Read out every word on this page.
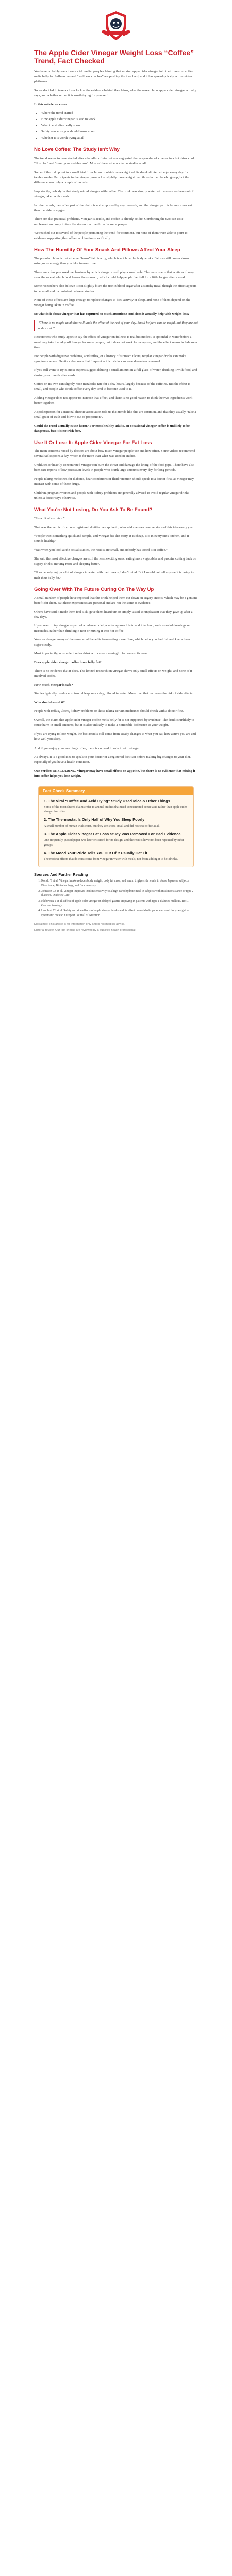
The Apple Cider Vinegar Weight Loss “Coffee” Trend, Fact Checked

You have probably seen it on social media: people claiming that mixing apple cider vinegar into their morning coffee melts belly fat. Influencers and “wellness coaches” are pushing the idea hard, and it has spread quickly across video platforms.

So we decided to take a closer look at the evidence behind the claims, what the research on apple cider vinegar actually says, and whether or not it is worth trying for yourself.

In this article we cover:

• Where the trend started
• How apple cider vinegar is said to work
• What the studies really show
• Safety concerns you should know about
• Whether it is worth trying at all
No Love Coffee: The Study Isn't Why

The trend seems to have started after a handful of viral videos suggested that a spoonful of vinegar in a hot drink could “flush fat” and “reset your metabolism”. Most of these videos cite no studies at all.

Some of them do point to a small trial from Japan in which overweight adults drank diluted vinegar every day for twelve weeks. Participants in the vinegar groups lost slightly more weight than those in the placebo group, but the difference was only a couple of pounds.

Importantly, nobody in that study mixed vinegar with coffee. The drink was simply water with a measured amount of vinegar, taken with meals.

In other words, the coffee part of the claim is not supported by any research, and the vinegar part is far more modest than the videos suggest.

There are also practical problems. Vinegar is acidic, and coffee is already acidic. Combining the two can taste unpleasant and may irritate the stomach or the throat in some people.

We reached out to several of the people promoting the trend for comment, but none of them were able to point to evidence supporting the coffee combination specifically.

How The Humility Of Your Snack And Pillows Affect Your Sleep

The popular claim is that vinegar “burns” fat directly, which is not how the body works. Fat loss still comes down to using more energy than you take in over time.

There are a few proposed mechanisms by which vinegar could play a small role. The main one is that acetic acid may slow the rate at which food leaves the stomach, which could help people feel full for a little longer after a meal.

Some researchers also believe it can slightly blunt the rise in blood sugar after a starchy meal, though the effect appears to be small and inconsistent between studies.

None of these effects are large enough to replace changes to diet, activity or sleep, and none of them depend on the vinegar being taken in coffee.

So what is it about vinegar that has captured so much attention? And does it actually help with weight loss?

“There is no magic drink that will undo the effect of the rest of your day. Small helpers can be useful, but they are not a shortcut.”

Researchers who study appetite say the effect of vinegar on fullness is real but modest. A spoonful in water before a meal may take the edge off hunger for some people, but it does not work for everyone, and the effect seems to fade over time.

For people with digestive problems, acid reflux, or a history of stomach ulcers, regular vinegar drinks can make symptoms worse. Dentists also warn that frequent acidic drinks can wear down tooth enamel.

If you still want to try it, most experts suggest diluting a small amount in a full glass of water, drinking it with food, and rinsing your mouth afterwards.

Coffee on its own can slightly raise metabolic rate for a few hours, largely because of the caffeine. But the effect is small, and people who drink coffee every day tend to become used to it.

Adding vinegar does not appear to increase that effect, and there is no good reason to think the two ingredients work better together.

A spokesperson for a national dietetic association told us that trends like this are common, and that they usually “take a small grain of truth and blow it out of proportion”.

Could the trend actually cause harm? For most healthy adults, an occasional vinegar coffee is unlikely to be dangerous, but it is not risk free.

Use It Or Lose It: Apple Cider Vinegar For Fat Loss

The main concerns raised by doctors are about how much vinegar people use and how often. Some videos recommend several tablespoons a day, which is far more than what was used in studies.

Undiluted or heavily concentrated vinegar can burn the throat and damage the lining of the food pipe. There have also been rare reports of low potassium levels in people who drank large amounts every day for long periods.

People taking medicines for diabetes, heart conditions or fluid retention should speak to a doctor first, as vinegar may interact with some of these drugs.

Children, pregnant women and people with kidney problems are generally advised to avoid regular vinegar drinks unless a doctor says otherwise.

What You're Not Losing, Do You Ask To Be Found?

“It's a bit of a stretch.”

That was the verdict from one registered dietitian we spoke to, who said she sees new versions of this idea every year.

“People want something quick and simple, and vinegar fits that story. It is cheap, it is in everyone's kitchen, and it sounds healthy.”

“But when you look at the actual studies, the results are small, and nobody has tested it in coffee.”

She said the most effective changes are still the least exciting ones: eating more vegetables and protein, cutting back on sugary drinks, moving more and sleeping better.

“If somebody enjoys a bit of vinegar in water with their meals, I don't mind. But I would not tell anyone it is going to melt their belly fat.”

Going Over With The Future Curing On The Way Up

A small number of people have reported that the drink helped them cut down on sugary snacks, which may be a genuine benefit for them. But those experiences are personal and are not the same as evidence.

Others have said it made them feel sick, gave them heartburn or simply tasted so unpleasant that they gave up after a few days.

If you want to try vinegar as part of a balanced diet, a safer approach is to add it to food, such as salad dressings or marinades, rather than drinking it neat or mixing it into hot coffee.

You can also get many of the same small benefits from eating more fibre, which helps you feel full and keeps blood sugar steady.

Most importantly, no single food or drink will cause meaningful fat loss on its own.

Does apple cider vinegar coffee burn belly fat?

There is no evidence that it does. The limited research on vinegar shows only small effects on weight, and none of it involved coffee.

How much vinegar is safe?

Studies typically used one to two tablespoons a day, diluted in water. More than that increases the risk of side effects.

Who should avoid it?

People with reflux, ulcers, kidney problems or those taking certain medicines should check with a doctor first.

Overall, the claim that apple cider vinegar coffee melts belly fat is not supported by evidence. The drink is unlikely to cause harm in small amounts, but it is also unlikely to make a noticeable difference to your weight.

If you are trying to lose weight, the best results still come from steady changes to what you eat, how active you are and how well you sleep.

And if you enjoy your morning coffee, there is no need to ruin it with vinegar.

As always, it is a good idea to speak to your doctor or a registered dietitian before making big changes to your diet, especially if you have a health condition.

Our verdict: MISLEADING. Vinegar may have small effects on appetite, but there is no evidence that mixing it into coffee helps you lose weight.

Fact Check Summary
1. The Viral “Coffee And Acid Dying” Study Used Mice & Other Things
Some of the most shared claims refer to animal studies that used concentrated acetic acid rather than apple cider vinegar in coffee.
2. The Thermostat Is Only Half of Why You Sleep Poorly
A small number of human trials exist, but they are short, small and did not test coffee at all.
3. The Apple Cider Vinegar Fat Loss Study Was Removed For Bad Evidence
One frequently quoted paper was later criticised for its design, and the results have not been repeated by other groups.
4. The Mood Your Pride Tells You Out Of It Usually Get Fit
The modest effects that do exist come from vinegar in water with meals, not from adding it to hot drinks.
Sources And Further Reading
1. Kondo T et al. Vinegar intake reduces body weight, body fat mass, and serum triglyceride levels in obese Japanese subjects. Bioscience, Biotechnology, and Biochemistry.
2. Johnston CS et al. Vinegar improves insulin sensitivity to a high-carbohydrate meal in subjects with insulin resistance or type 2 diabetes. Diabetes Care.
3. Hlebowicz J et al. Effect of apple cider vinegar on delayed gastric emptying in patients with type 1 diabetes mellitus. BMC Gastroenterology.
4. Launholt TL et al. Safety and side effects of apple vinegar intake and its effect on metabolic parameters and body weight: a systematic review. European Journal of Nutrition.

Disclaimer: This article is for information only and is not medical advice.

Editorial review: Our fact checks are reviewed by a qualified health professional.
